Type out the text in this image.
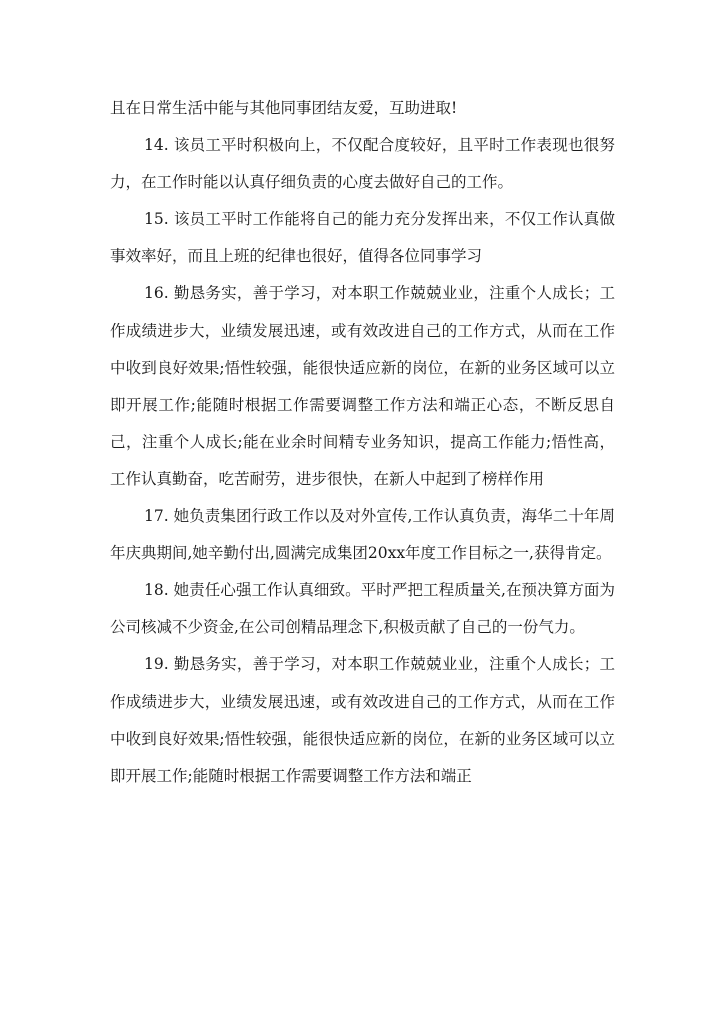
且在日常生活中能与其他同事团结友爱，互助进取!

14. 该员工平时积极向上，不仅配合度较好，且平时工作表现也很努力，在工作时能以认真仔细负责的心度去做好自己的工作。

15. 该员工平时工作能将自己的能力充分发挥出来，不仅工作认真做事效率好，而且上班的纪律也很好，值得各位同事学习

16. 勤恳务实，善于学习，对本职工作兢兢业业，注重个人成长；工作成绩进步大，业绩发展迅速，或有效改进自己的工作方式，从而在工作中收到良好效果;悟性较强，能很快适应新的岗位，在新的业务区域可以立即开展工作;能随时根据工作需要调整工作方法和端正心态，不断反思自己，注重个人成长;能在业余时间精专业务知识，提高工作能力;悟性高，工作认真勤奋，吃苦耐劳，进步很快，在新人中起到了榜样作用

17. 她负责集团行政工作以及对外宣传,工作认真负责，海华二十年周年庆典期间,她辛勤付出,圆满完成集团20xx年度工作目标之一,获得肯定。

18. 她责任心强工作认真细致。平时严把工程质量关,在预决算方面为公司核减不少资金,在公司创精品理念下,积极贡献了自己的一份气力。

19. 勤恳务实，善于学习，对本职工作兢兢业业，注重个人成长；工作成绩进步大，业绩发展迅速，或有效改进自己的工作方式，从而在工作中收到良好效果;悟性较强，能很快适应新的岗位，在新的业务区域可以立即开展工作;能随时根据工作需要调整工作方法和端正
